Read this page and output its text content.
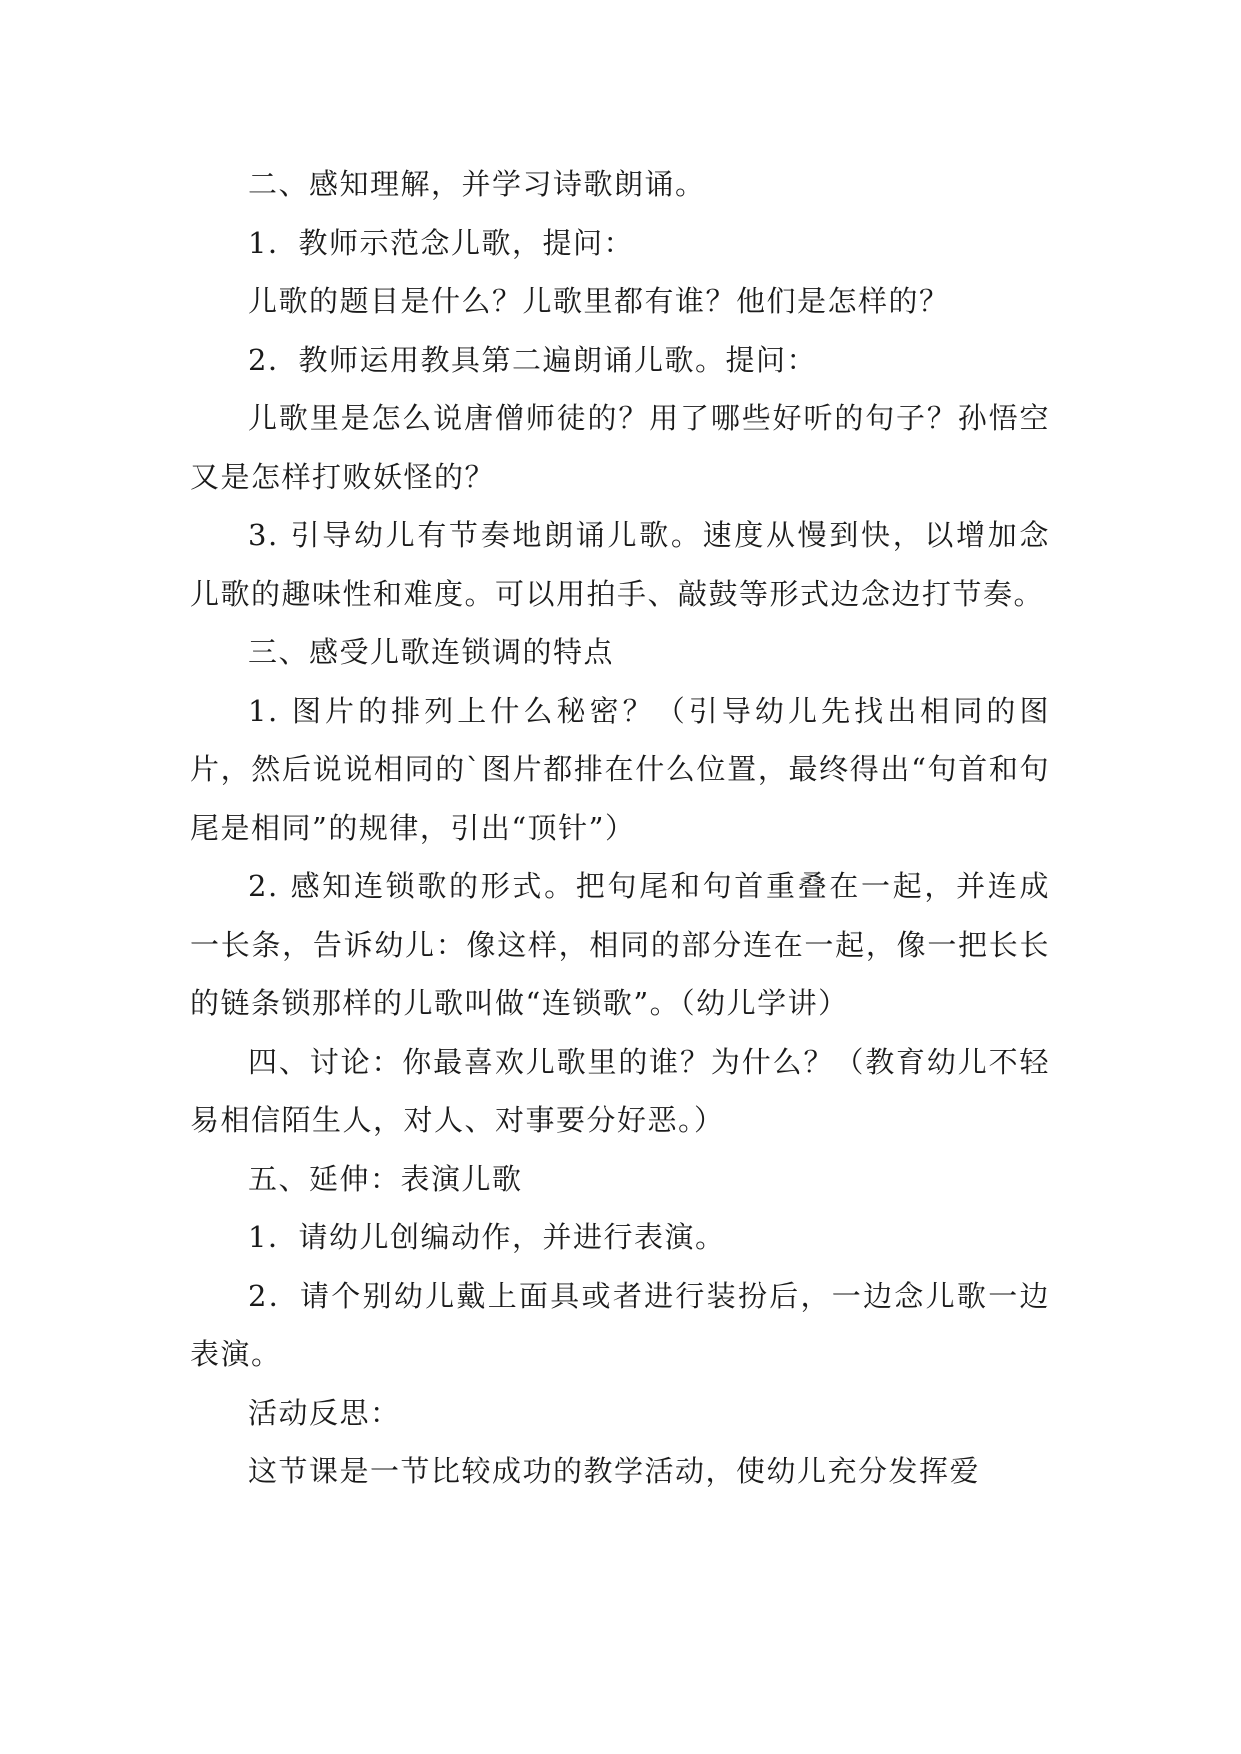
二、感知理解，并学习诗歌朗诵。

1．教师示范念儿歌，提问：

儿歌的题目是什么？儿歌里都有谁？他们是怎样的？

2．教师运用教具第二遍朗诵儿歌。提问：

儿歌里是怎么说唐僧师徒的？用了哪些好听的句子？孙悟空又是怎样打败妖怪的？

3. 引导幼儿有节奏地朗诵儿歌。速度从慢到快，以增加念儿歌的趣味性和难度。可以用拍手、敲鼓等形式边念边打节奏。

三、感受儿歌连锁调的特点

1. 图片的排列上什么秘密？（引导幼儿先找出相同的图片，然后说说相同的`图片都排在什么位置，最终得出“句首和句尾是相同”的规律，引出“顶针”）

2. 感知连锁歌的形式。把句尾和句首重叠在一起，并连成一长条，告诉幼儿：像这样，相同的部分连在一起，像一把长长的链条锁那样的儿歌叫做“连锁歌”。（幼儿学讲）

四、讨论：你最喜欢儿歌里的谁？为什么？（教育幼儿不轻易相信陌生人，对人、对事要分好恶。）

五、延伸：表演儿歌

1．请幼儿创编动作，并进行表演。

2．请个别幼儿戴上面具或者进行装扮后，一边念儿歌一边表演。

活动反思：

这节课是一节比较成功的教学活动，使幼儿充分发挥爱
